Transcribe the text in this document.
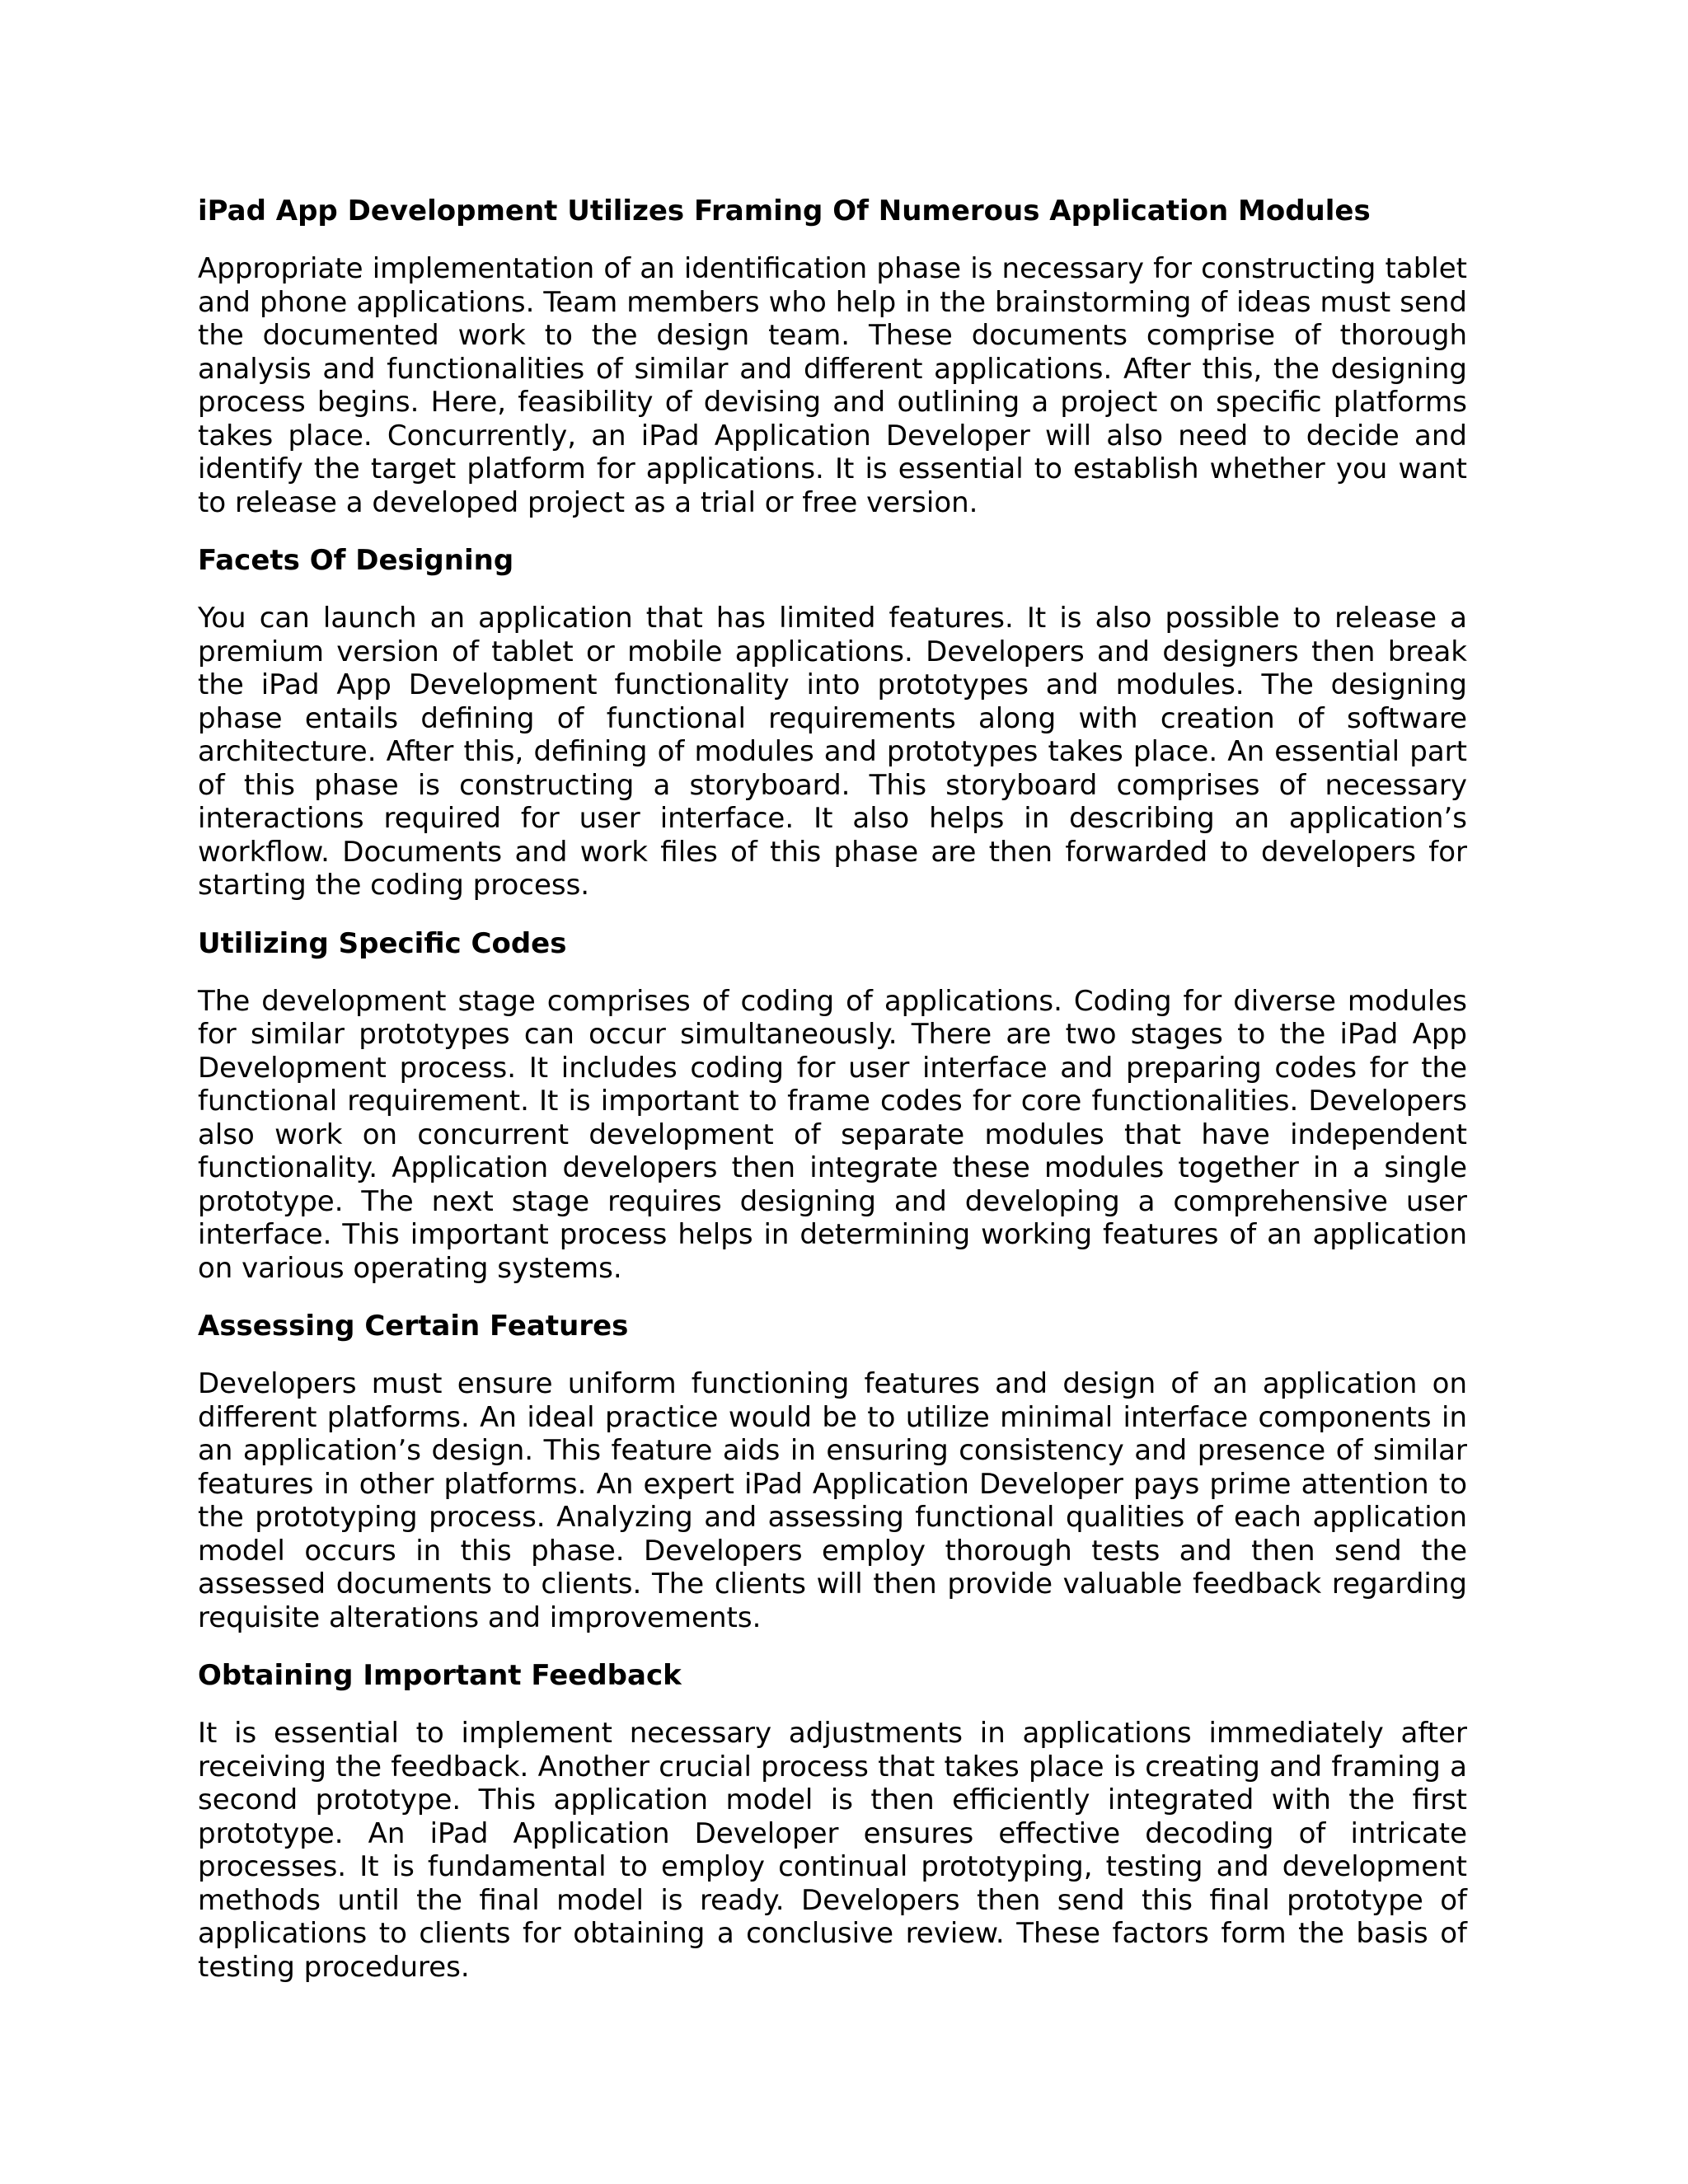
iPad App Development Utilizes Framing Of Numerous Application Modules

Appropriate implementation of an identification phase is necessary for constructing tablet and phone applications. Team members who help in the brainstorming of ideas must send the documented work to the design team. These documents comprise of thorough analysis and functionalities of similar and different applications. After this, the designing process begins. Here, feasibility of devising and outlining a project on specific platforms takes place. Concurrently, an iPad Application Developer will also need to decide and identify the target platform for applications. It is essential to establish whether you want to release a developed project as a trial or free version.

Facets Of Designing

You can launch an application that has limited features. It is also possible to release a premium version of tablet or mobile applications. Developers and designers then break the iPad App Development functionality into prototypes and modules. The designing phase entails defining of functional requirements along with creation of software architecture. After this, defining of modules and prototypes takes place. An essential part of this phase is constructing a storyboard. This storyboard comprises of necessary interactions required for user interface. It also helps in describing an application’s workflow. Documents and work files of this phase are then forwarded to developers for starting the coding process.

Utilizing Specific Codes

The development stage comprises of coding of applications. Coding for diverse modules for similar prototypes can occur simultaneously. There are two stages to the iPad App Development process. It includes coding for user interface and preparing codes for the functional requirement. It is important to frame codes for core functionalities. Developers also work on concurrent development of separate modules that have independent functionality. Application developers then integrate these modules together in a single prototype. The next stage requires designing and developing a comprehensive user interface. This important process helps in determining working features of an application on various operating systems.

Assessing Certain Features

Developers must ensure uniform functioning features and design of an application on different platforms. An ideal practice would be to utilize minimal interface components in an application’s design. This feature aids in ensuring consistency and presence of similar features in other platforms. An expert iPad Application Developer pays prime attention to the prototyping process. Analyzing and assessing functional qualities of each application model occurs in this phase. Developers employ thorough tests and then send the assessed documents to clients. The clients will then provide valuable feedback regarding requisite alterations and improvements.

Obtaining Important Feedback

It is essential to implement necessary adjustments in applications immediately after receiving the feedback. Another crucial process that takes place is creating and framing a second prototype. This application model is then efficiently integrated with the first prototype. An iPad Application Developer ensures effective decoding of intricate processes. It is fundamental to employ continual prototyping, testing and development methods until the final model is ready. Developers then send this final prototype of applications to clients for obtaining a conclusive review. These factors form the basis of testing procedures.
